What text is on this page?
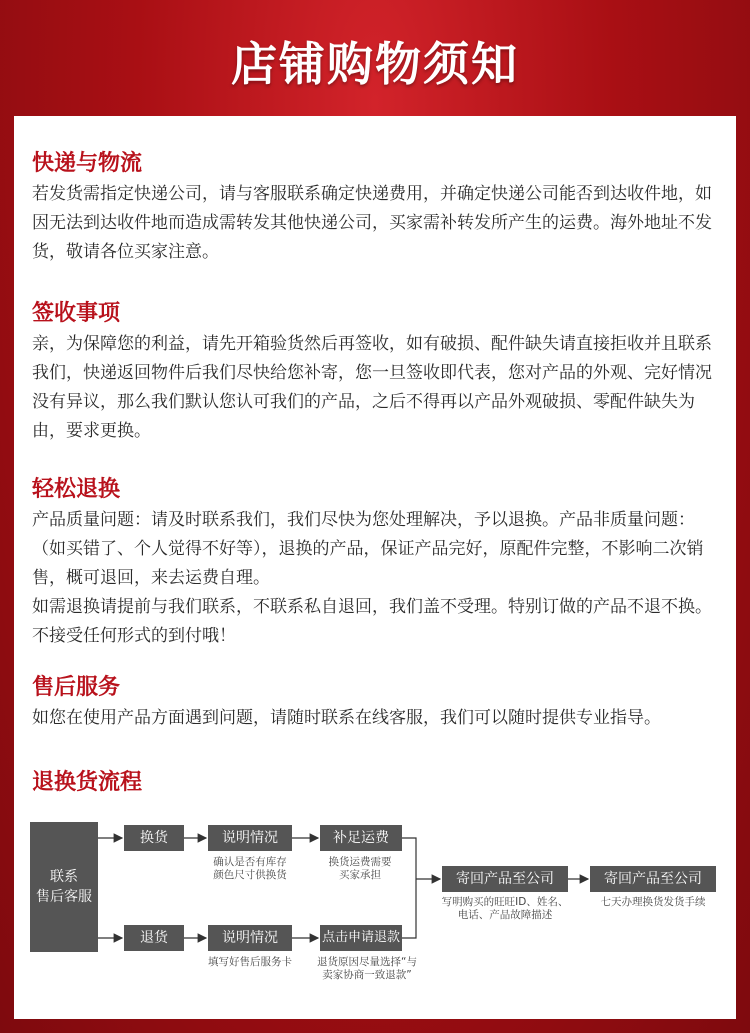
店铺购物须知
快递与物流

若发货需指定快递公司，请与客服联系确定快递费用，并确定快递公司能否到达收件地，如因无法到达收件地而造成需转发其他快递公司，买家需补转发所产生的运费。海外地址不发货，敬请各位买家注意。

签收事项

亲，为保障您的利益，请先开箱验货然后再签收，如有破损、配件缺失请直接拒收并且联系我们，快递返回物件后我们尽快给您补寄，您一旦签收即代表，您对产品的外观、完好情况没有异议，那么我们默认您认可我们的产品，之后不得再以产品外观破损、零配件缺失为由，要求更换。

轻松退换

产品质量问题：请及时联系我们，我们尽快为您处理解决，予以退换。产品非质量问题：（如买错了、个人觉得不好等），退换的产品，保证产品完好，原配件完整，不影响二次销售，概可退回，来去运费自理。

如需退换请提前与我们联系，不联系私自退回，我们盖不受理。特别订做的产品不退不换。不接受任何形式的到付哦！

售后服务

如您在使用产品方面遇到问题，请随时联系在线客服，我们可以随时提供专业指导。

退换货流程
联系
售后客服
换货
退货
说明情况
确认是否有库存
颜色尺寸供换货
说明情况
填写好售后服务卡
补足运费
换货运费需要
买家承担
点击申请退款
退货原因尽量选择“与
卖家协商一致退款”
寄回产品至公司
写明购买的旺旺ID、姓名、
电话、产品故障描述
寄回产品至公司
七天办理换货发货手续
